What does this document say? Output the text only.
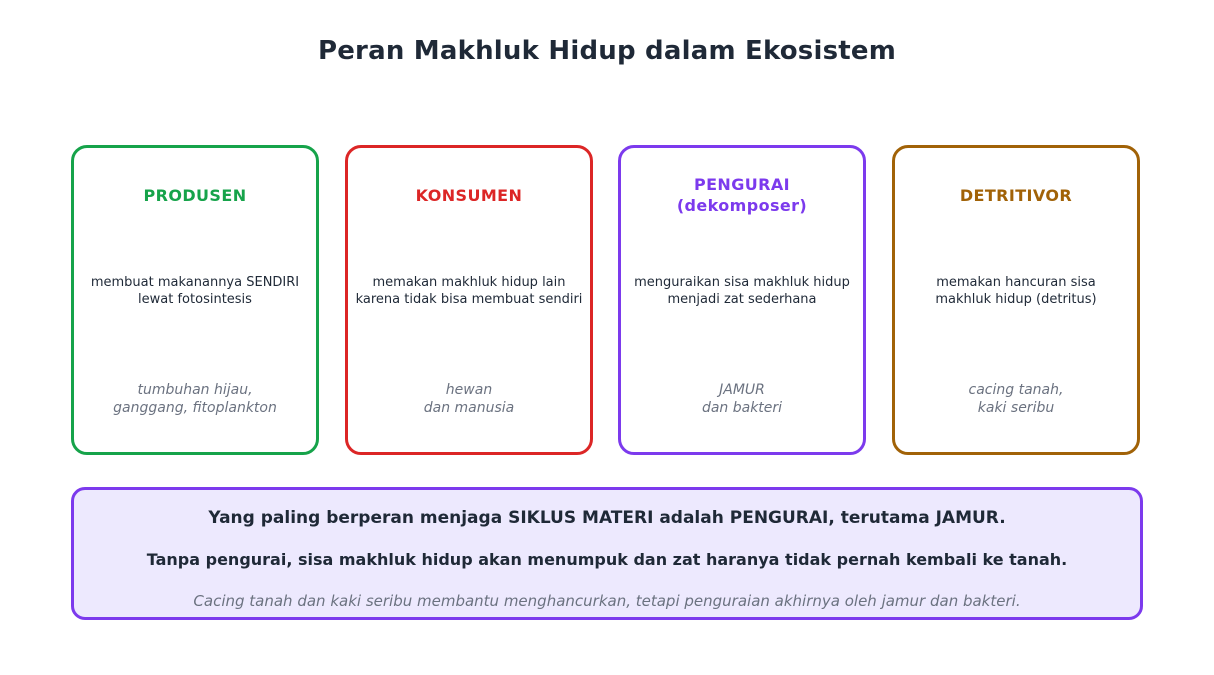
Peran Makhluk Hidup dalam Ekosistem
PRODUSEN
membuat makanannya SENDIRI
lewat fotosintesis
tumbuhan hijau,
ganggang, fitoplankton
KONSUMEN
memakan makhluk hidup lain
karena tidak bisa membuat sendiri
hewan
dan manusia
PENGURAI
(dekomposer)
menguraikan sisa makhluk hidup
menjadi zat sederhana
JAMUR
dan bakteri
DETRITIVOR
memakan hancuran sisa
makhluk hidup (detritus)
cacing tanah,
kaki seribu
Yang paling berperan menjaga SIKLUS MATERI adalah PENGURAI, terutama JAMUR.
Tanpa pengurai, sisa makhluk hidup akan menumpuk dan zat haranya tidak pernah kembali ke tanah.
Cacing tanah dan kaki seribu membantu menghancurkan, tetapi penguraian akhirnya oleh jamur dan bakteri.
